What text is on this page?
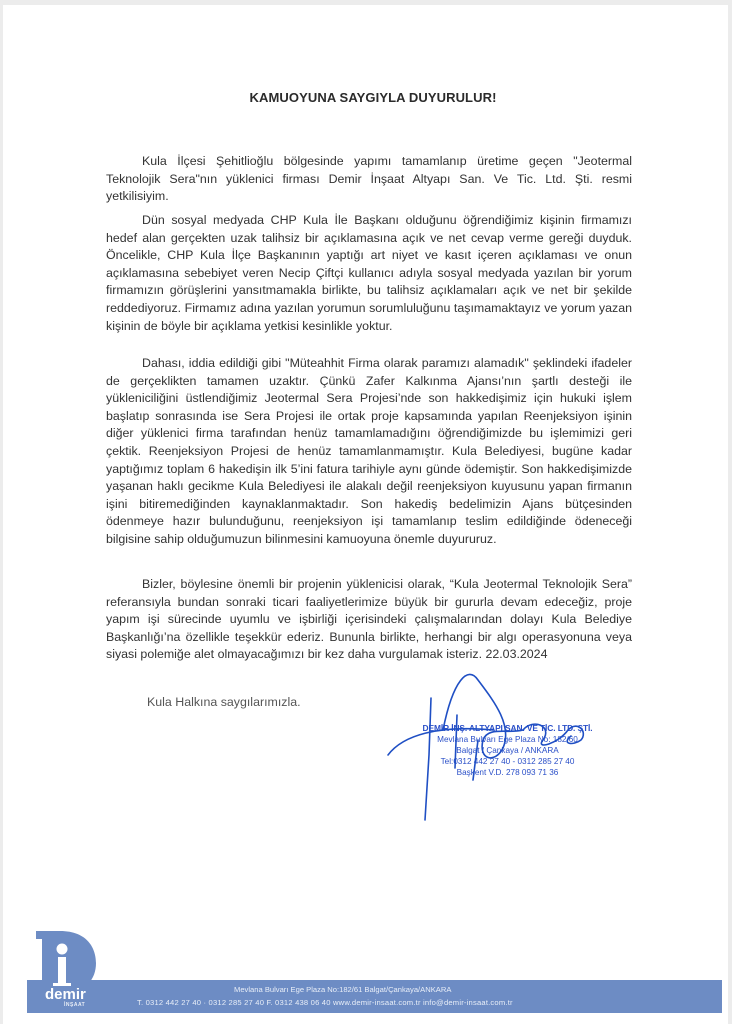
KAMUOYUNA SAYGIYLA DUYURULUR!

Kula İlçesi Şehitlioğlu bölgesinde yapımı tamamlanıp üretime geçen "Jeotermal Teknolojik Sera"nın yüklenici firması Demir İnşaat Altyapı San. Ve Tic. Ltd. Şti. resmi yetkilisiyim.

Dün sosyal medyada CHP Kula İle Başkanı olduğunu öğrendiğimiz kişinin firmamızı hedef alan gerçekten uzak talihsiz bir açıklamasına açık ve net cevap verme gereği duyduk. Öncelikle, CHP Kula İlçe Başkanının yaptığı art niyet ve kasıt içeren açıklaması ve onun açıklamasına sebebiyet veren Necip Çiftçi kullanıcı adıyla sosyal medyada yazılan bir yorum firmamızın görüşlerini yansıtmamakla birlikte, bu talihsiz açıklamaları açık ve net bir şekilde reddediyoruz. Firmamız adına yazılan yorumun sorumluluğunu taşımamaktayız ve yorum yazan kişinin de böyle bir açıklama yetkisi kesinlikle yoktur.

Dahası, iddia edildiği gibi "Müteahhit Firma olarak paramızı alamadık" şeklindeki ifadeler de gerçeklikten tamamen uzaktır. Çünkü Zafer Kalkınma Ajansı’nın şartlı desteği ile yükleniciliğini üstlendiğimiz Jeotermal Sera Projesi’nde son hakkedişimiz için hukuki işlem başlatıp sonrasında ise Sera Projesi ile ortak proje kapsamında yapılan Reenjeksiyon işinin diğer yüklenici firma tarafından henüz tamamlamadığını öğrendiğimizde bu işlemimizi geri çektik. Reenjeksiyon Projesi de henüz tamamlanmamıştır. Kula Belediyesi, bugüne kadar yaptığımız toplam 6 hakedişin ilk 5’ini fatura tarihiyle aynı günde ödemiştir. Son hakkedişimizde yaşanan haklı gecikme Kula Belediyesi ile alakalı değil reenjeksiyon kuyusunu yapan firmanın işini bitiremediğinden kaynaklanmaktadır. Son hakediş bedelimizin Ajans bütçesinden ödenmeye hazır bulunduğunu, reenjeksiyon işi tamamlanıp teslim edildiğinde ödeneceği bilgisine sahip olduğumuzun bilinmesini kamuoyuna önemle duyururuz.

Bizler, böylesine önemli bir projenin yüklenicisi olarak, “Kula Jeotermal Teknolojik Sera” referansıyla bundan sonraki ticari faaliyetlerimize büyük bir gururla devam edeceğiz, proje yapım işi sürecinde uyumlu ve işbirliği içerisindeki çalışmalarından dolayı Kula Belediye Başkanlığı’na özellikle teşekkür ederiz. Bununla birlikte, herhangi bir algı operasyonuna veya siyasi polemiğe alet olmayacağımızı bir kez daha vurgulamak isteriz. 22.03.2024

Kula Halkına saygılarımızla.
DEMİR İNŞ. ALTYAPI SAN. VE TİC. LTD. ŞTİ.
Mevlana Bulvarı Ege Plaza No: 182/60
Balgat / Çankaya / ANKARA
Tel:0312 442 27 40 - 0312 285 27 40
Başkent V.D. 278 093 71 36
demir
İNŞAAT
Mevlana Bulvarı Ege Plaza No:182/61 Balgat/Çankaya/ANKARA
T. 0312 442 27 40 · 0312 285 27 40 F. 0312 438 06 40 www.demir-insaat.com.tr info@demir-insaat.com.tr
